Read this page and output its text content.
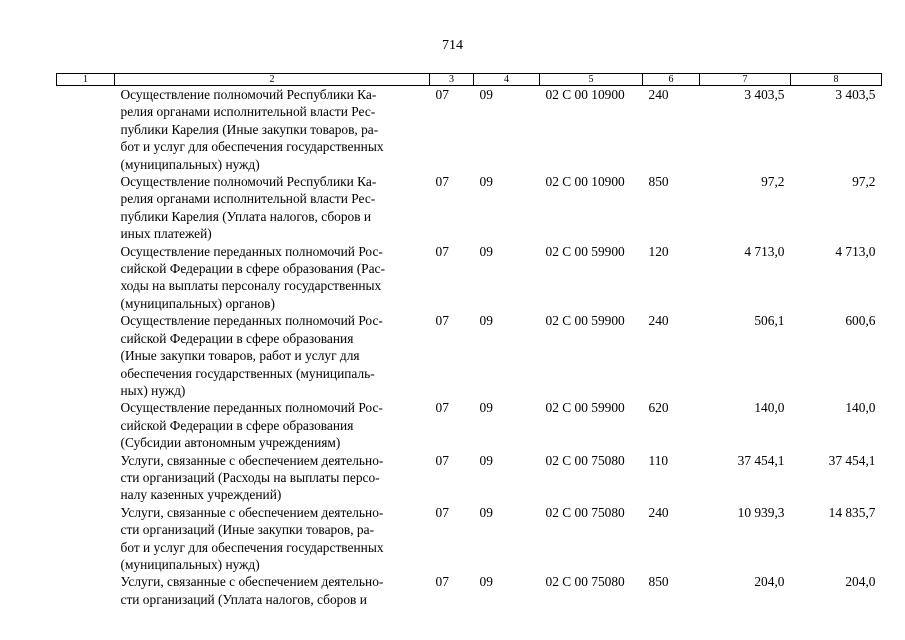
714
1	2	3	4	5	6	7	8
	Осуществление полномочий Республики Ка-
релия органами исполнительной власти Рес-
публики Карелия (Иные закупки товаров, ра-
бот и услуг для обеспечения государственных
(муниципальных) нужд)	07	09	02 С 00 10900	240	3 403,5	3 403,5
	Осуществление полномочий Республики Ка-
релия органами исполнительной власти Рес-
публики Карелия (Уплата налогов, сборов и
иных платежей)	07	09	02 С 00 10900	850	97,2	97,2
	Осуществление переданных полномочий Рос-
сийской Федерации в сфере образования (Рас-
ходы на выплаты персоналу государственных
(муниципальных) органов)	07	09	02 С 00 59900	120	4 713,0	4 713,0
	Осуществление переданных полномочий Рос-
сийской Федерации в сфере образования
(Иные закупки товаров, работ и услуг для
обеспечения государственных (муниципаль-
ных) нужд)	07	09	02 С 00 59900	240	506,1	600,6
	Осуществление переданных полномочий Рос-
сийской Федерации в сфере образования
(Субсидии автономным учреждениям)	07	09	02 С 00 59900	620	140,0	140,0
	Услуги, связанные с обеспечением деятельно-
сти организаций (Расходы на выплаты персо-
налу казенных учреждений)	07	09	02 С 00 75080	110	37 454,1	37 454,1
	Услуги, связанные с обеспечением деятельно-
сти организаций (Иные закупки товаров, ра-
бот и услуг для обеспечения государственных
(муниципальных) нужд)	07	09	02 С 00 75080	240	10 939,3	14 835,7
	Услуги, связанные с обеспечением деятельно-
сти организаций (Уплата налогов, сборов и	07	09	02 С 00 75080	850	204,0	204,0
